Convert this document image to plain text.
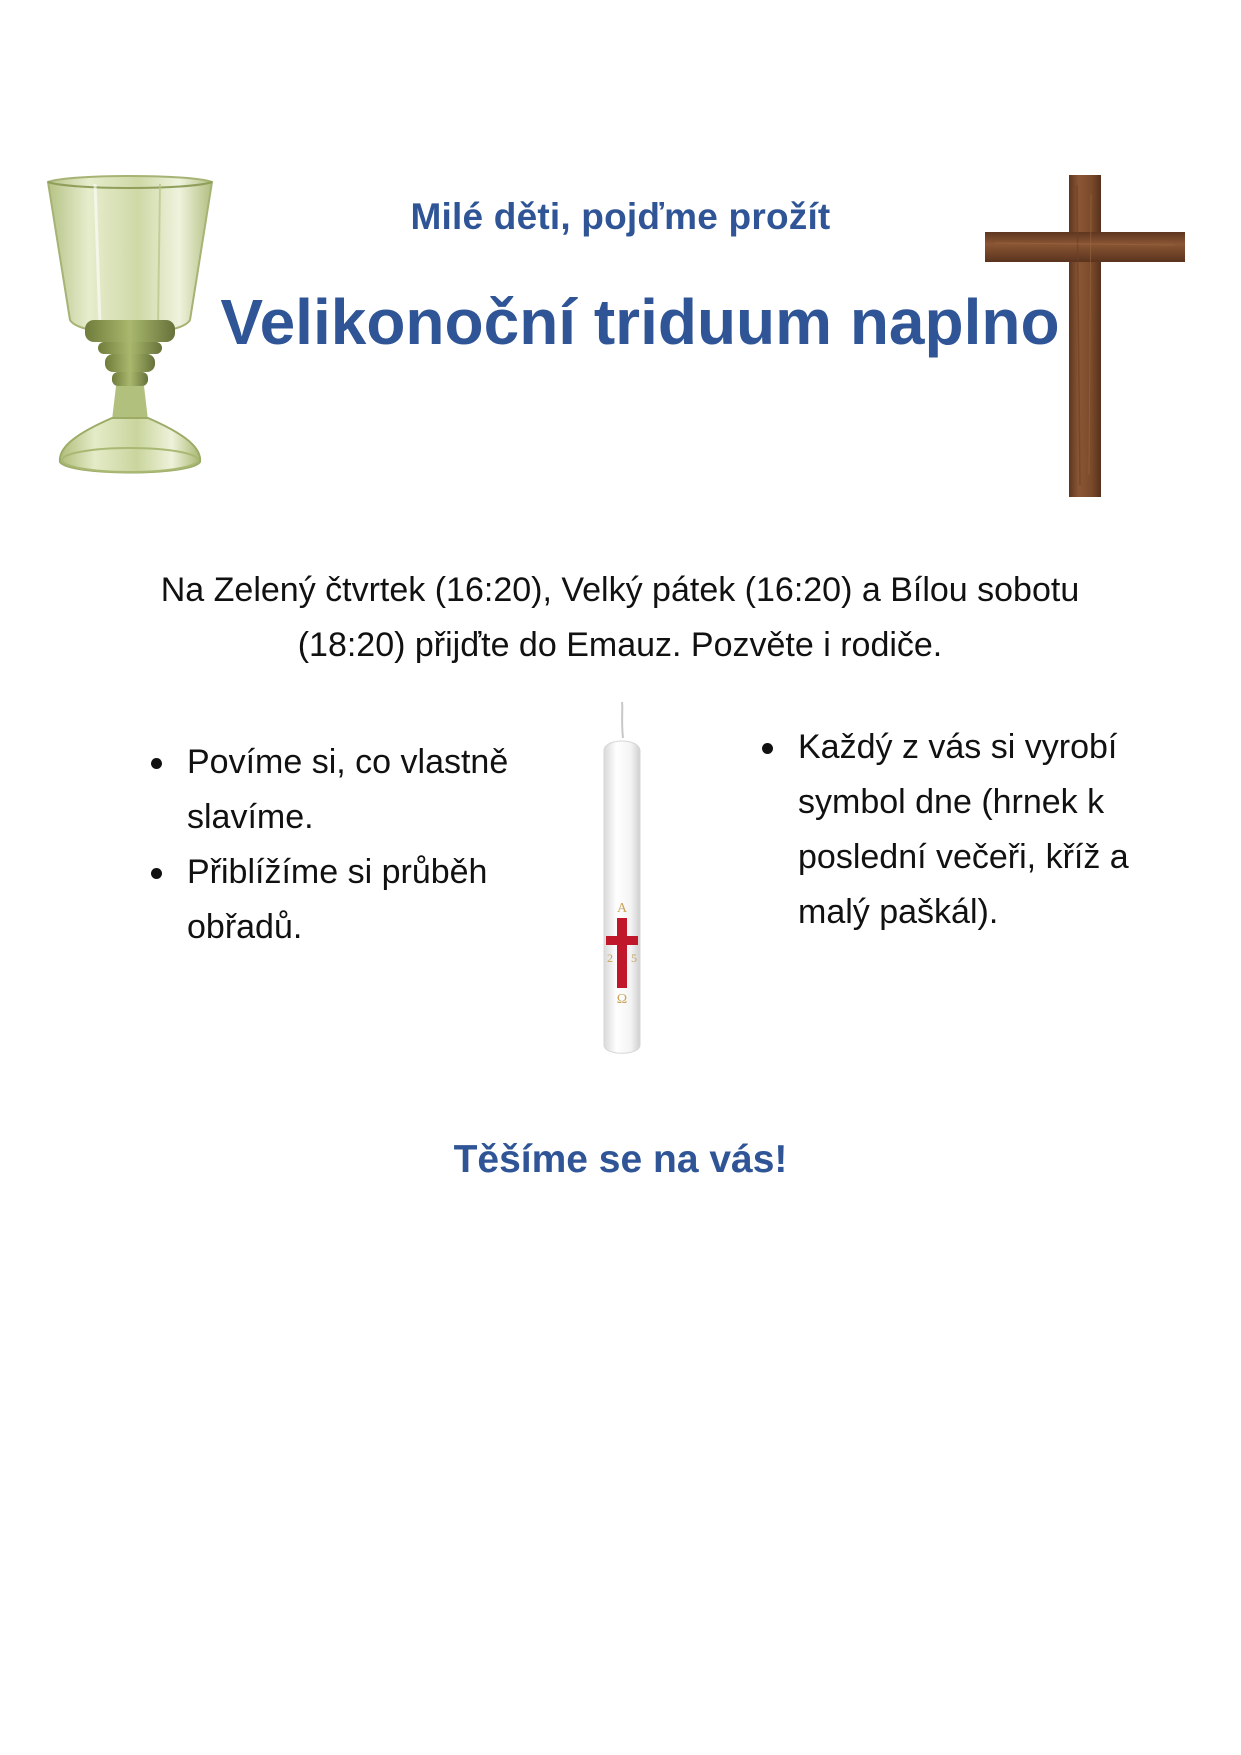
Milé děti, pojďme prožít
Velikonoční triduum naplno
Na Zelený čtvrtek (16:20), Velký pátek (16:20) a Bílou sobotu (18:20) přijďte do Emauz. Pozvěte i rodiče.
Povíme si, co vlastně slavíme.
Přiblížíme si průběh obřadů.	A
2 5
Ω
Každý z vás si vyrobí symbol dne (hrnek k poslední večeři, kříž a malý paškál).
Těšíme se na vás!
